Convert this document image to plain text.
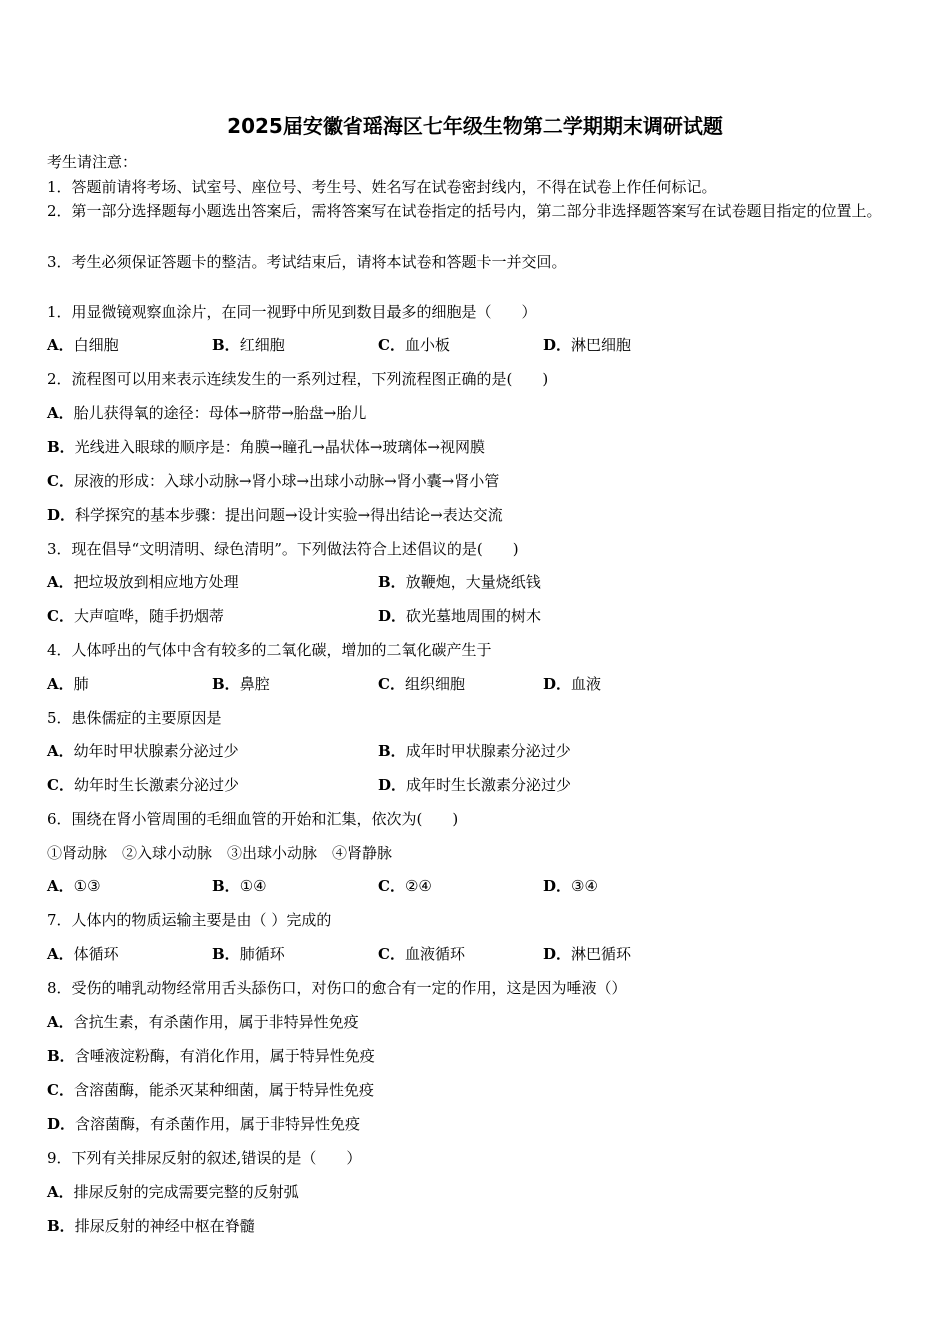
2025届安徽省瑶海区七年级生物第二学期期末调研试题
考生请注意：
1．答题前请将考场、试室号、座位号、考生号、姓名写在试卷密封线内，不得在试卷上作任何标记。
2．第一部分选择题每小题选出答案后，需将答案写在试卷指定的括号内，第二部分非选择题答案写在试卷题目指定的位置上。
3．考生必须保证答题卡的整洁。考试结束后，请将本试卷和答题卡一并交回。
1．用显微镜观察血涂片，在同一视野中所见到数目最多的细胞是（　　）
A．白细胞	B．红细胞	C．血小板	D．淋巴细胞
2．流程图可以用来表示连续发生的一系列过程，下列流程图正确的是(　　)
A．胎儿获得氧的途径：母体→脐带→胎盘→胎儿
B．光线进入眼球的顺序是：角膜→瞳孔→晶状体→玻璃体→视网膜
C．尿液的形成：入球小动脉→肾小球→出球小动脉→肾小囊→肾小管
D．科学探究的基本步骤：提出问题→设计实验→得出结论→表达交流
3．现在倡导“文明清明、绿色清明”。下列做法符合上述倡议的是(　　)
A．把垃圾放到相应地方处理	B．放鞭炮，大量烧纸钱
C．大声喧哗，随手扔烟蒂	D．砍光墓地周围的树木
4．人体呼出的气体中含有较多的二氧化碳，增加的二氧化碳产生于
A．肺	B．鼻腔	C．组织细胞	D．血液
5．患侏儒症的主要原因是
A．幼年时甲状腺素分泌过少	B．成年时甲状腺素分泌过少
C．幼年时生长激素分泌过少	D．成年时生长激素分泌过少
6．围绕在肾小管周围的毛细血管的开始和汇集，依次为(　　)
①肾动脉　②入球小动脉　③出球小动脉　④肾静脉
A．①③	B．①④	C．②④	D．③④
7．人体内的物质运输主要是由（ ）完成的
A．体循环	B．肺循环	C．血液循环	D．淋巴循环
8．受伤的哺乳动物经常用舌头舔伤口，对伤口的愈合有一定的作用，这是因为唾液（）
A．含抗生素，有杀菌作用，属于非特异性免疫
B．含唾液淀粉酶，有消化作用，属于特异性免疫
C．含溶菌酶，能杀灭某种细菌，属于特异性免疫
D．含溶菌酶，有杀菌作用，属于非特异性免疫
9．下列有关排尿反射的叙述,错误的是（　　）
A．排尿反射的完成需要完整的反射弧
B．排尿反射的神经中枢在脊髓
